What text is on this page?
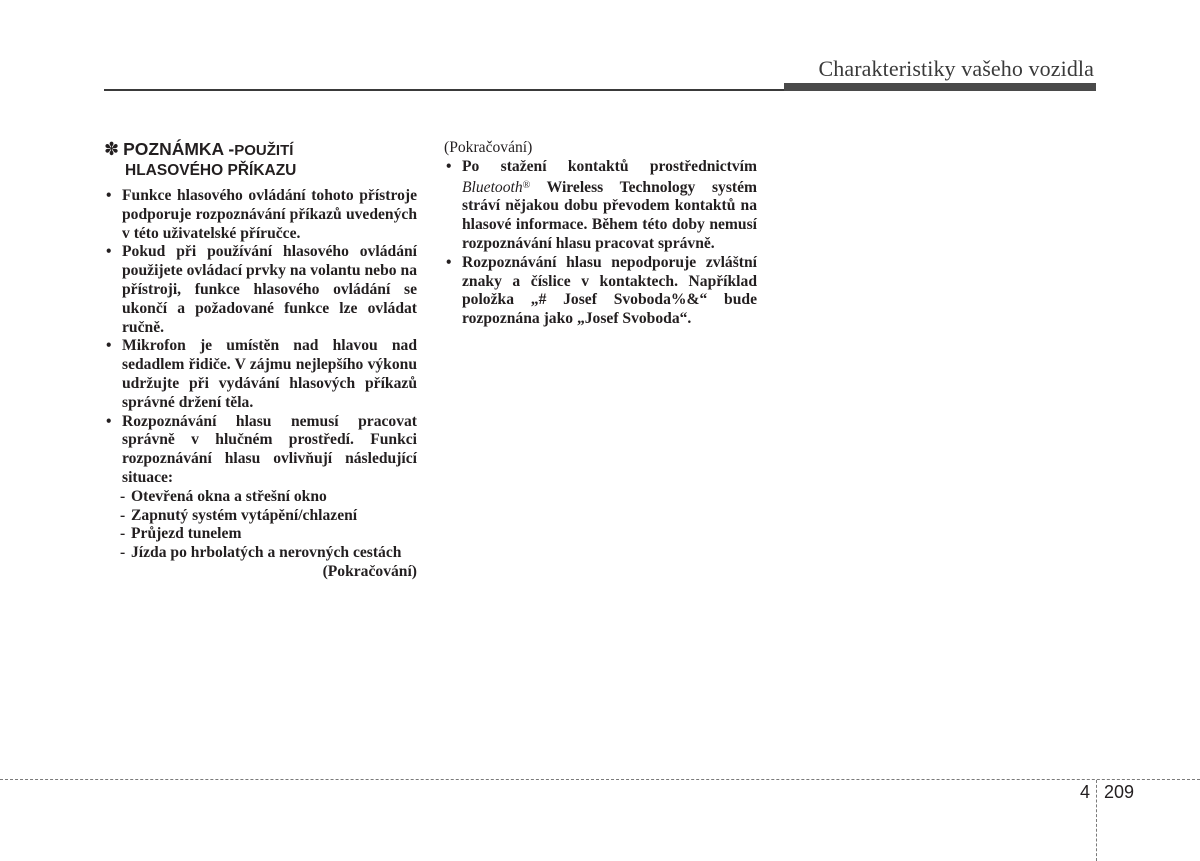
Charakteristiky vašeho vozidla
✽ POZNÁMKA - POUŽITÍ
HLASOVÉHO PŘÍKAZU
• Funkce hlasového ovládání tohoto přístroje podporuje rozpoznávání příkazů uvedených v této uživatelské příručce.
• Pokud při používání hlasového ovládání použijete ovládací prvky na volantu nebo na přístroji, funkce hlasového ovládání se ukončí a požadované funkce lze ovládat ručně.
• Mikrofon je umístěn nad hlavou nad sedadlem řidiče. V zájmu nejlepšího výkonu udržujte při vydávání hlasových příkazů správné držení těla.
• Rozpoznávání hlasu nemusí pracovat správně v hlučném prostředí. Funkci rozpoznávání hlasu ovlivňují následující situace:
- Otevřená okna a střešní okno
- Zapnutý systém vytápění/chlazení
- Průjezd tunelem
- Jízda po hrbolatých a nerovných cestách
(Pokračování)
(Pokračování)
• Po stažení kontaktů prostřednictvím Bluetooth® Wireless Technology systém stráví nějakou dobu převodem kontaktů na hlasové informace. Během této doby nemusí rozpoznávání hlasu pracovat správně.
• Rozpoznávání hlasu nepodporuje zvláštní znaky a číslice v kontaktech. Například položka „# Josef Svoboda%&“ bude rozpoznána jako „Josef Svoboda“.
4 209
